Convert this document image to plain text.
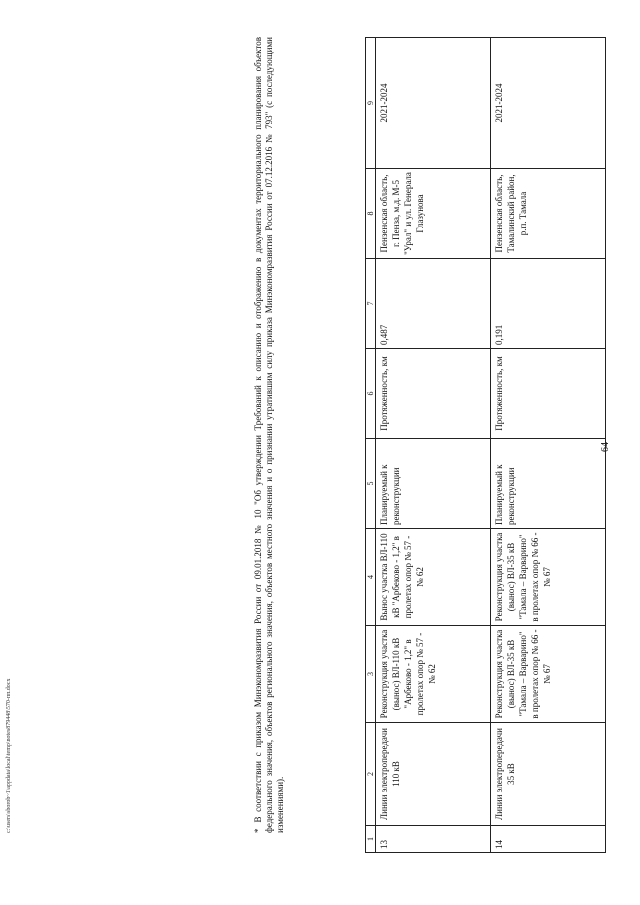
64
1	2	3	4	5	6	7	8	9
13	Линии электропередачи 110 кВ	Реконструкция участка (вынос) ВЛ-110 кВ "Арбеково - 1,2" в пролетах опор № 57 - № 62	Вынос участка ВЛ-110 кВ "Арбеково - 1,2" в пролетах опор № 57 - № 62	Планируемый к реконструкции	Протяженность, км	0,487	Пензенская область, г. Пенза, м.д. М-5 "Урал" и ул. Генерала Глазунова	2021-2024
14	Линии электропередачи 35 кВ	Реконструкция участка (вынос) ВЛ-35 кВ "Тамала – Варварино" в пролетах опор № 66 - № 67	Реконструкция участка (вынос) ВЛ-35 кВ "Тамала – Варварино" в пролетах опор № 66 - № 67	Планируемый к реконструкции	Протяженность, км	0,191	Пензенская область, Тамалинский район, р.п. Тамала	2021-2024
*В соответствии с приказом Минэкономразвития России от 09.01.2018 № 10 "Об утверждении Требований к описанию и отображению в документах территориального планирования объектов федерального значения, объектов регионального значения, объектов местного значения и о признании утратившим силу приказа Минэкономразвития России от 07.12.2016 № 793" (с последующими изменениями).
c:\users\sborob~1\appdata\local\temp\notes879448\570-пп.docx
